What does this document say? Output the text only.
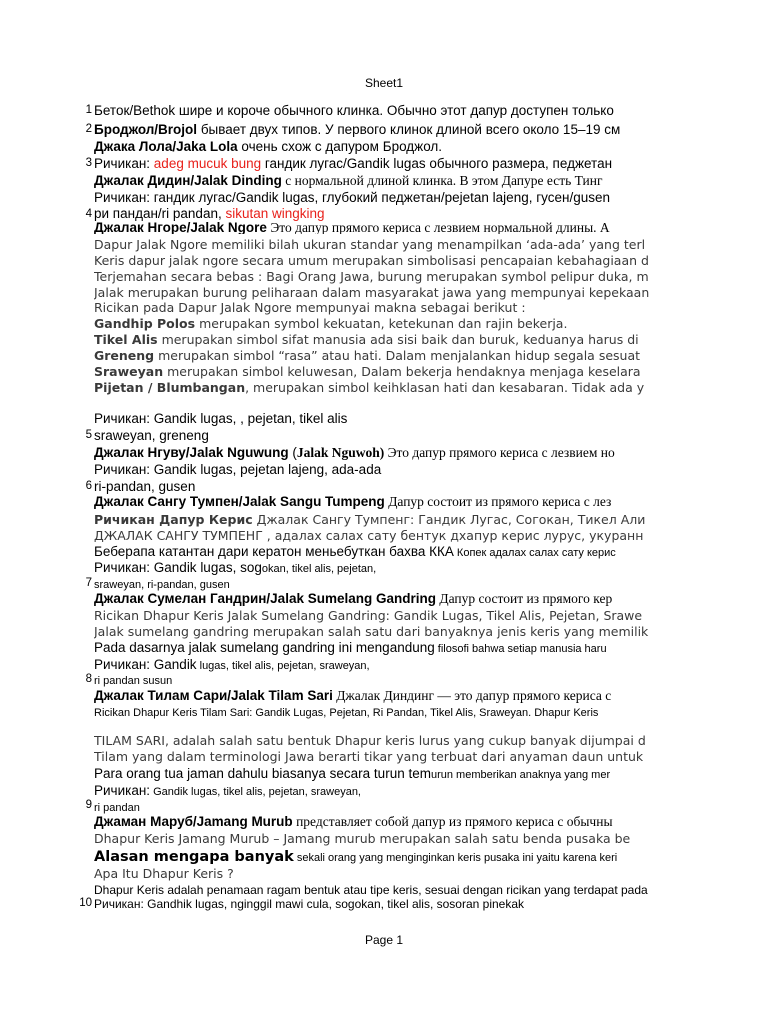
Sheet1
1
2
3
4
5
6
7
8
9
10
Беток/Bethok шире и короче обычного клинка. Обычно этот дапур доступен только
Броджол/Brojol бывает двух типов. У первого клинок длиной всего около 15–19 см
Джака Лола/Jaka Lola очень схож с дапуром Броджол.
Ричикан: adeg mucuk bung гандик лугас/Gandik lugas обычного размера, педжетан
Джалак Дидин/Jalak Dinding с нормальной длиной клинка. В этом Дапуре есть Тинг
Ричикан: гандик лугас/Gandik lugas, глубокий педжетан/pejetan lajeng, гусен/gusen
ри пандан/ri pandan, sikutan wingking
Джалак Нгоре/Jalak Ngore Это дапур прямого кериса с лезвием нормальной длины. А
Dapur Jalak Ngore memiliki bilah ukuran standar yang menampilkan ‘ada-ada’ yang terl
Keris dapur jalak ngore secara umum merupakan simbolisasi pencapaian kebahagiaan d
Terjemahan secara bebas : Bagi Orang Jawa, burung merupakan symbol pelipur duka, m
Jalak merupakan burung peliharaan dalam masyarakat jawa yang mempunyai kepekaan
Ricikan pada Dapur Jalak Ngore mempunyai makna sebagai berikut :
Gandhip Polos merupakan symbol kekuatan, ketekunan dan rajin bekerja.
Tikel Alis merupakan simbol sifat manusia ada sisi baik dan buruk, keduanya harus di
Greneng merupakan simbol “rasa” atau hati. Dalam menjalankan hidup segala sesuat
Sraweyan merupakan simbol keluwesan, Dalam bekerja hendaknya menjaga keselara
Pijetan / Blumbangan, merupakan simbol keihklasan hati dan kesabaran. Tidak ada y
Ричикан: Gandik lugas, , pejetan, tikel alis
sraweyan, greneng
Джалак Нгуву/Jalak Nguwung (Jalak Nguwoh) Это дапур прямого кериса с лезвием но
Ричикан: Gandik lugas, pejetan lajeng, ada-ada
ri-pandan, gusen
Джалак Сангу Тумпен/Jalak Sangu Tumpeng Дапур состоит из прямого кериса с лез
Ричикан Дапур Керис Джалак Сангу Тумпенг: Гандик Лугас, Согокан, Тикел Али
ДЖАЛАК САНГУ ТУМПЕНГ , адалах салах сату бентук дхапур керис лурус, укуранн
Беберапа катантан дари кератон меньебуткан бахва ККА Копек адалах салах сату керис
Ричикан: Gandik lugas, sogokan, tikel alis, pejetan,
sraweyan, ri-pandan, gusen
Джалак Сумелан Гандрин/Jalak Sumelang Gandring Дапур состоит из прямого кер
Ricikan Dhapur Keris Jalak Sumelang Gandring: Gandik Lugas, Tikel Alis, Pejetan, Srawe
Jalak sumelang gandring merupakan salah satu dari banyaknya jenis keris yang memilik
Pada dasarnya jalak sumelang gandring ini mengandung filosofi bahwa setiap manusia haru
Ричикан: Gandik lugas, tikel alis, pejetan, sraweyan,
ri pandan susun
Джалак Тилам Сари/Jalak Tilam Sari Джалак Диндинг — это дапур прямого кериса с
Ricikan Dhapur Keris Tilam Sari: Gandik Lugas, Pejetan, Ri Pandan, Tikel Alis, Sraweyan. Dhapur Keris
TILAM SARI, adalah salah satu bentuk Dhapur keris lurus yang cukup banyak dijumpai d
Tilam yang dalam terminologi Jawa berarti tikar yang terbuat dari anyaman daun untuk
Para orang tua jaman dahulu biasanya secara turun temurun memberikan anaknya yang mer
Ричикан: Gandik lugas, tikel alis, pejetan, sraweyan,
ri pandan
Джаман Маруб/Jamang Murub представляет собой дапур из прямого кериса с обычны
Dhapur Keris Jamang Murub – Jamang murub merupakan salah satu benda pusaka be
Alasan mengapa banyak sekali orang yang menginginkan keris pusaka ini yaitu karena keri
Apa Itu Dhapur Keris ?
Dhapur Keris adalah penamaan ragam bentuk atau tipe keris, sesuai dengan ricikan yang terdapat pada
Ричикан: Gandhik lugas, nginggil mawi cula, sogokan, tikel alis, sosoran pinekak
Page 1
